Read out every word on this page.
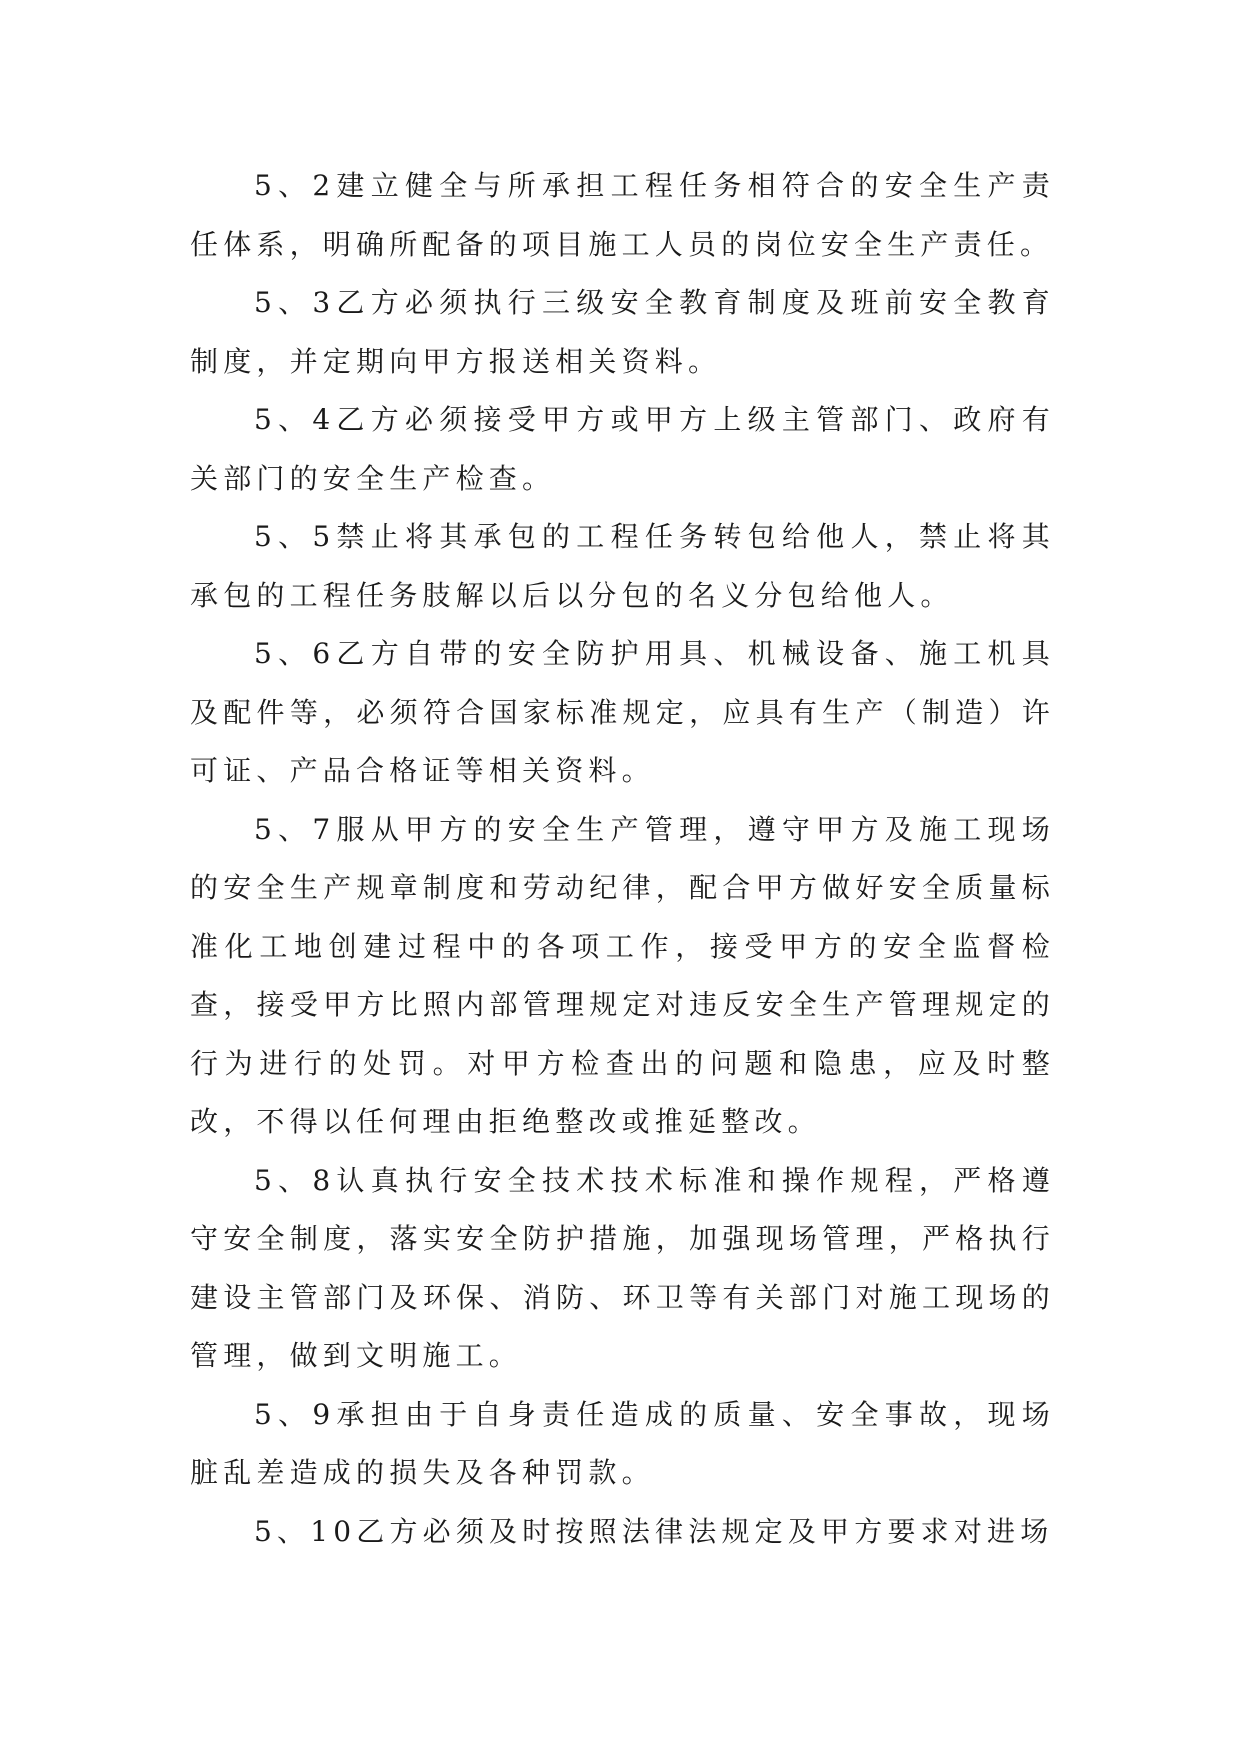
5、2建立健全与所承担工程任务相符合的安全生产责任体系，明确所配备的项目施工人员的岗位安全生产责任。

5、3乙方必须执行三级安全教育制度及班前安全教育制度，并定期向甲方报送相关资料。

5、4乙方必须接受甲方或甲方上级主管部门、政府有关部门的安全生产检查。

5、5禁止将其承包的工程任务转包给他人，禁止将其承包的工程任务肢解以后以分包的名义分包给他人。

5、6乙方自带的安全防护用具、机械设备、施工机具及配件等，必须符合国家标准规定，应具有生产（制造）许可证、产品合格证等相关资料。

5、7服从甲方的安全生产管理，遵守甲方及施工现场的安全生产规章制度和劳动纪律，配合甲方做好安全质量标准化工地创建过程中的各项工作，接受甲方的安全监督检查，接受甲方比照内部管理规定对违反安全生产管理规定的行为进行的处罚。对甲方检查出的问题和隐患，应及时整改，不得以任何理由拒绝整改或推延整改。

5、8认真执行安全技术技术标准和操作规程，严格遵守安全制度，落实安全防护措施，加强现场管理，严格执行建设主管部门及环保、消防、环卫等有关部门对施工现场的管理，做到文明施工。

5、9承担由于自身责任造成的质量、安全事故，现场脏乱差造成的损失及各种罚款。

5、10乙方必须及时按照法律法规定及甲方要求对进场
